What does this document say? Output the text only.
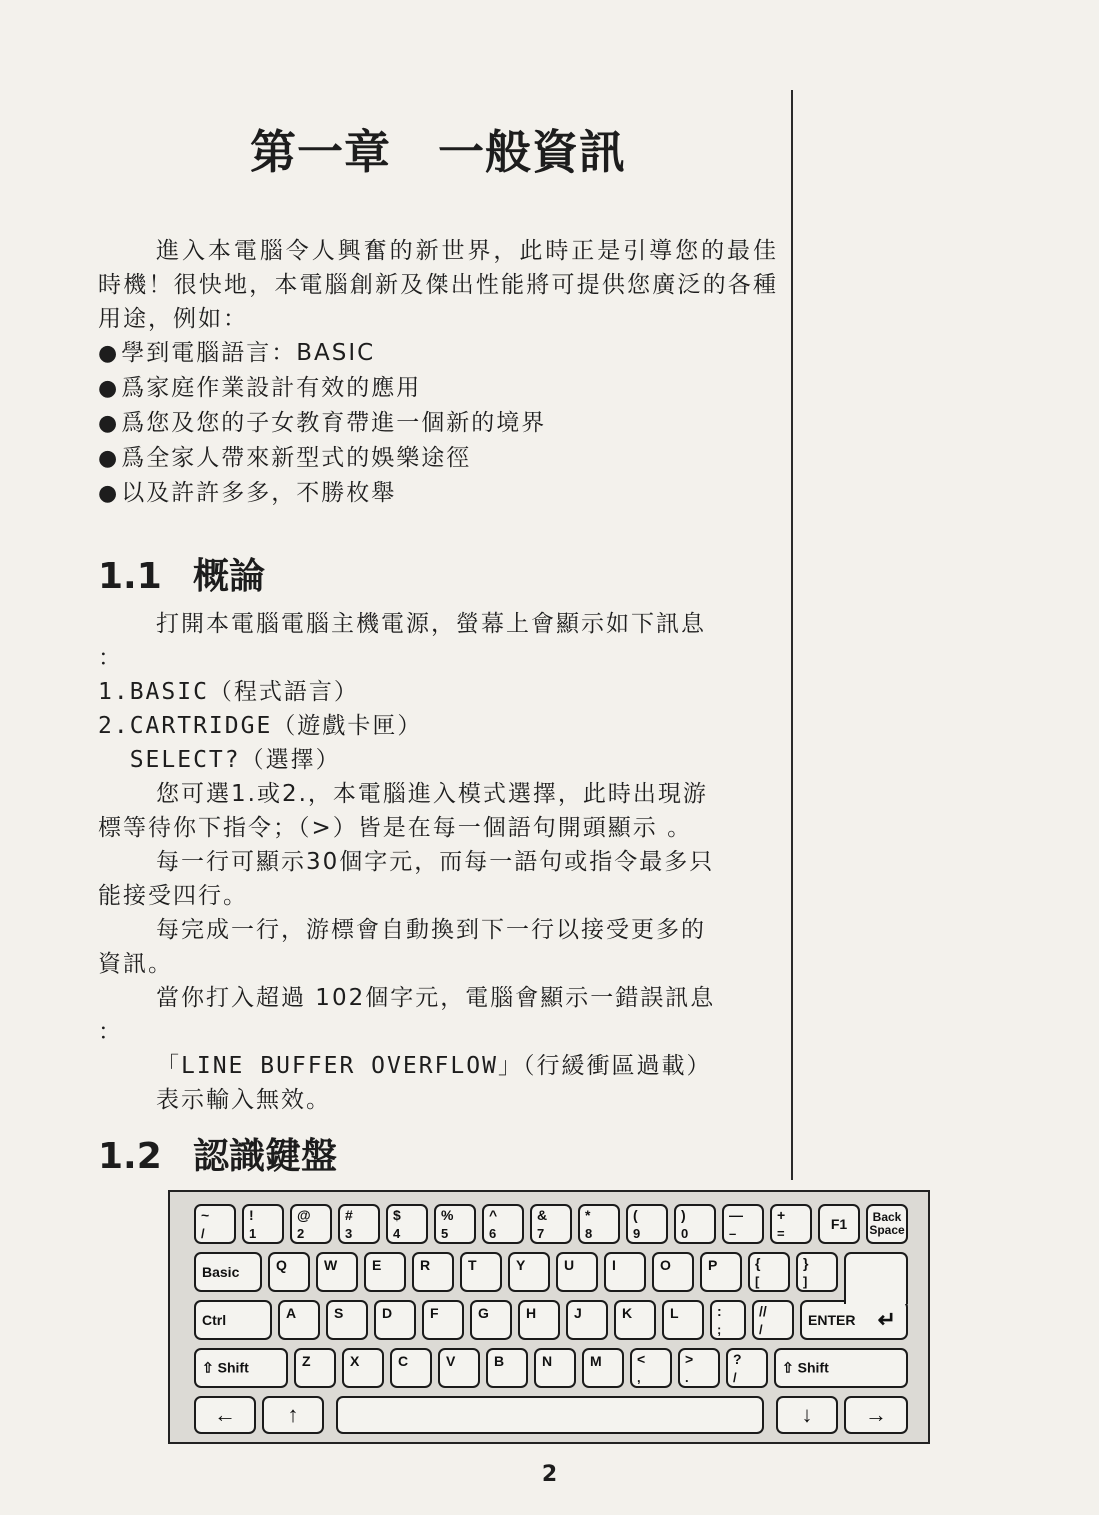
第一章　一般資訊

進入本電腦令人興奮的新世界，此時正是引導您的最佳時機！很快地，本電腦創新及傑出性能將可提供您廣泛的各種用途，例如：

● 學到電腦語言：BASIC
● 爲家庭作業設計有效的應用
● 爲您及您的子女教育帶進一個新的境界
● 爲全家人帶來新型式的娛樂途徑
● 以及許許多多，不勝枚舉
1.1 概論
打開本電腦電腦主機電源，螢幕上會顯示如下訊息
：
1.BASIC（程式語言）
2.CARTRIDGE（遊戲卡匣）
SELECT?（選擇）
您可選1.或2.，本電腦進入模式選擇，此時出現游
標等待你下指令；（>）皆是在每一個語句開頭顯示 。
每一行可顯示30個字元，而每一語句或指令最多只
能接受四行。
每完成一行，游標會自動換到下一行以接受更多的
資訊。
當你打入超過 102個字元，電腦會顯示一錯誤訊息
：
「LINE BUFFER OVERFLOW」（行緩衝區過載）
表示輸入無效。
1.2 認識鍵盤
~
/
!
1
@
2
#
3
$
4
%
5
^
6
&
7
*
8
(
9
)
0
—
–
+
=
F1	Back
Space
Basic	Q	W E	R	T	Y	U	I	O	P	{
[
}
]
ENTER ↵
Ctrl	A	S	D	F	G	H	J	K	L	:
;
//
/
⇧ Shift	Z	X	C	V	B	N	M	<
,
>
.
?
/
⇧ Shift
←	↑	↓	→
2
